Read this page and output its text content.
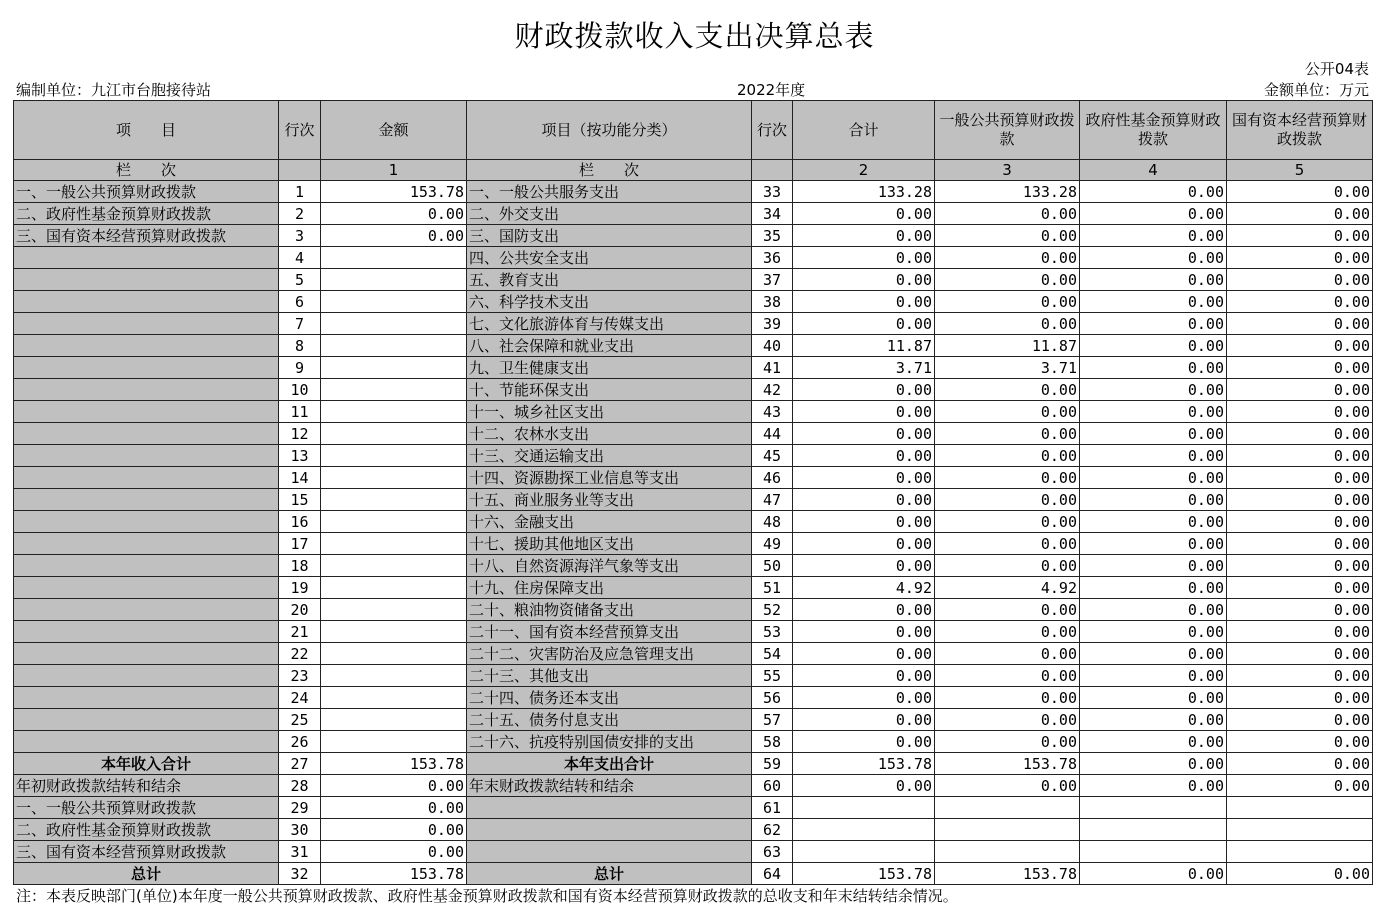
财政拨款收入支出决算总表
公开04表
编制单位：九江市台胞接待站	2022年度	金额单位：万元
项　　目	行次	金额	项目（按功能分类）	行次	合计	一般公共预算财政拨款	政府性基金预算财政拨款	国有资本经营预算财政拨款
栏　　次		1	栏　　次		2	3	4	5
一、一般公共预算财政拨款	1	153.78	一、一般公共服务支出	33	133.28	133.28	0.00	0.00
二、政府性基金预算财政拨款	2	0.00	二、外交支出	34	0.00	0.00	0.00	0.00
三、国有资本经营预算财政拨款	3	0.00	三、国防支出	35	0.00	0.00	0.00	0.00
	4		四、公共安全支出	36	0.00	0.00	0.00	0.00
	5		五、教育支出	37	0.00	0.00	0.00	0.00
	6		六、科学技术支出	38	0.00	0.00	0.00	0.00
	7		七、文化旅游体育与传媒支出	39	0.00	0.00	0.00	0.00
	8		八、社会保障和就业支出	40	11.87	11.87	0.00	0.00
	9		九、卫生健康支出	41	3.71	3.71	0.00	0.00
	10		十、节能环保支出	42	0.00	0.00	0.00	0.00
	11		十一、城乡社区支出	43	0.00	0.00	0.00	0.00
	12		十二、农林水支出	44	0.00	0.00	0.00	0.00
	13		十三、交通运输支出	45	0.00	0.00	0.00	0.00
	14		十四、资源勘探工业信息等支出	46	0.00	0.00	0.00	0.00
	15		十五、商业服务业等支出	47	0.00	0.00	0.00	0.00
	16		十六、金融支出	48	0.00	0.00	0.00	0.00
	17		十七、援助其他地区支出	49	0.00	0.00	0.00	0.00
	18		十八、自然资源海洋气象等支出	50	0.00	0.00	0.00	0.00
	19		十九、住房保障支出	51	4.92	4.92	0.00	0.00
	20		二十、粮油物资储备支出	52	0.00	0.00	0.00	0.00
	21		二十一、国有资本经营预算支出	53	0.00	0.00	0.00	0.00
	22		二十二、灾害防治及应急管理支出	54	0.00	0.00	0.00	0.00
	23		二十三、其他支出	55	0.00	0.00	0.00	0.00
	24		二十四、债务还本支出	56	0.00	0.00	0.00	0.00
	25		二十五、债务付息支出	57	0.00	0.00	0.00	0.00
	26		二十六、抗疫特别国债安排的支出	58	0.00	0.00	0.00	0.00
本年收入合计	27	153.78	本年支出合计	59	153.78	153.78	0.00	0.00
年初财政拨款结转和结余	28	0.00	年末财政拨款结转和结余	60	0.00	0.00	0.00	0.00
一、一般公共预算财政拨款	29	0.00		61				
二、政府性基金预算财政拨款	30	0.00		62				
三、国有资本经营预算财政拨款	31	0.00		63				
总计	32	153.78	总计	64	153.78	153.78	0.00	0.00
注：本表反映部门(单位)本年度一般公共预算财政拨款、政府性基金预算财政拨款和国有资本经营预算财政拨款的总收支和年末结转结余情况。
